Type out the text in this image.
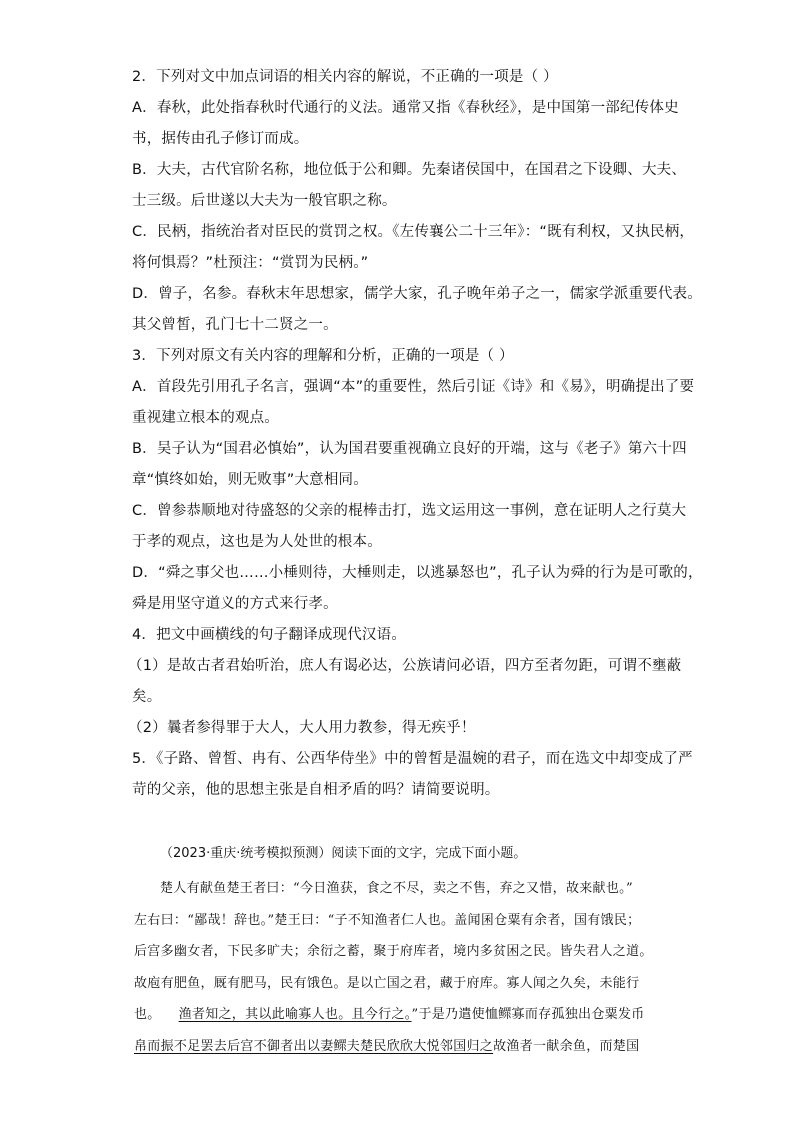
2．下列对文中加点词语的相关内容的解说，不正确的一项是（ ）
A．春秋，此处指春秋时代通行的义法。通常又指《春秋经》，是中国第一部纪传体史
书，据传由孔子修订而成。
B．大夫，古代官阶名称，地位低于公和卿。先秦诸侯国中，在国君之下设卿、大夫、
士三级。后世遂以大夫为一般官职之称。
C．民柄，指统治者对臣民的赏罚之权。《左传襄公二十三年》：“既有利权，又执民柄，
将何惧焉？”杜预注：“赏罚为民柄。”
D．曾子，名参。春秋末年思想家，儒学大家，孔子晚年弟子之一，儒家学派重要代表。
其父曾皙，孔门七十二贤之一。
3．下列对原文有关内容的理解和分析，正确的一项是（ ）
A．首段先引用孔子名言，强调“本”的重要性，然后引证《诗》和《易》，明确提出了要
重视建立根本的观点。
B．吴子认为“国君必慎始”，认为国君要重视确立良好的开端，这与《老子》第六十四
章“慎终如始，则无败事”大意相同。
C．曾参恭顺地对待盛怒的父亲的棍棒击打，选文运用这一事例，意在证明人之行莫大
于孝的观点，这也是为人处世的根本。
D．“舜之事父也……小棰则待，大棰则走，以逃暴怒也”，孔子认为舜的行为是可歌的，
舜是用坚守道义的方式来行孝。
4．把文中画横线的句子翻译成现代汉语。
（1）是故古者君始听治，庶人有谒必达，公族请问必语，四方至者勿距，可谓不壅蔽
矣。
（2）曩者参得罪于大人，大人用力教参，得无疾乎！
5．《子路、曾皙、冉有、公西华侍坐》中的曾皙是温婉的君子，而在选文中却变成了严
苛的父亲，他的思想主张是自相矛盾的吗？请简要说明。
（2023·重庆·统考模拟预测）阅读下面的文字，完成下面小题。
楚人有献鱼楚王者曰：“今日渔获，食之不尽，卖之不售，弃之又惜，故来献也。”
左右曰：“鄙哉！辞也。”楚王曰：“子不知渔者仁人也。盖闻囷仓粟有余者，国有饿民；
后宫多幽女者，下民多旷夫；余衍之蓄，聚于府库者，境内多贫困之民。皆失君人之道。
故庖有肥鱼，厩有肥马，民有饿色。是以亡国之君，藏于府库。寡人闻之久矣，未能行
也。 渔者知之，其以此喻寡人也。且今行之。”于是乃遣使恤鳏寡而存孤独出仓粟发币
帛而振不足罢去后宫不御者出以妻鳏夫楚民欣欣大悦邻国归之故渔者一献余鱼，而楚国
